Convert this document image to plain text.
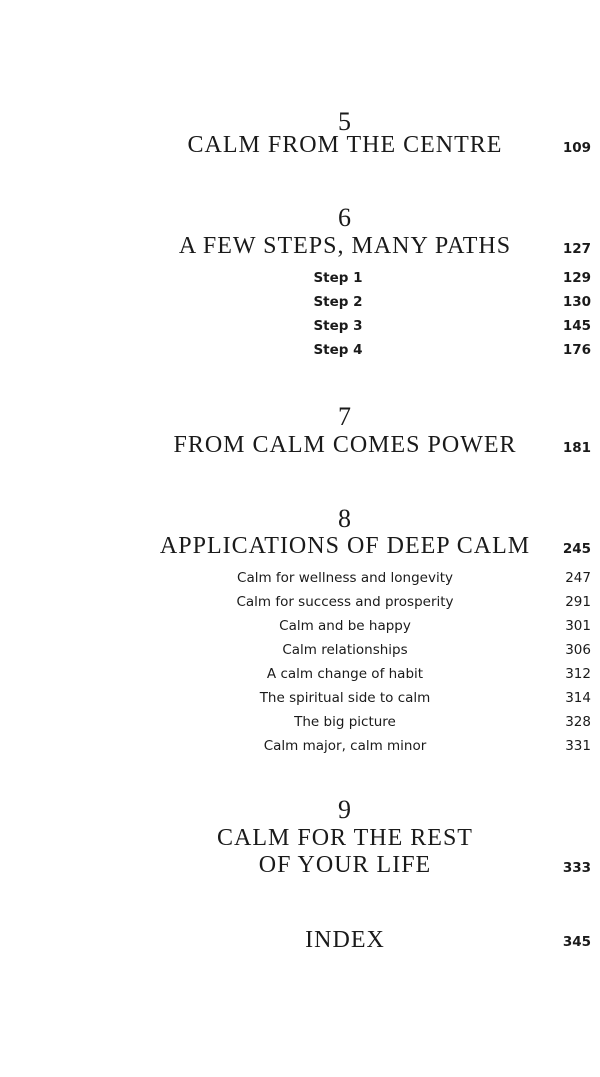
5
CALM FROM THE CENTRE	109
6
A FEW STEPS, MANY PATHS	127
Step 1	129
Step 2	130
Step 3	145
Step 4	176
7
FROM CALM COMES POWER	181
8
APPLICATIONS OF DEEP CALM	245
Calm for wellness and longevity	247
Calm for success and prosperity	291
Calm and be happy	301
Calm relationships	306
A calm change of habit	312
The spiritual side to calm	314
The big picture	328
Calm major, calm minor	331
9
CALM FOR THE REST
OF YOUR LIFE	333
INDEX	345
